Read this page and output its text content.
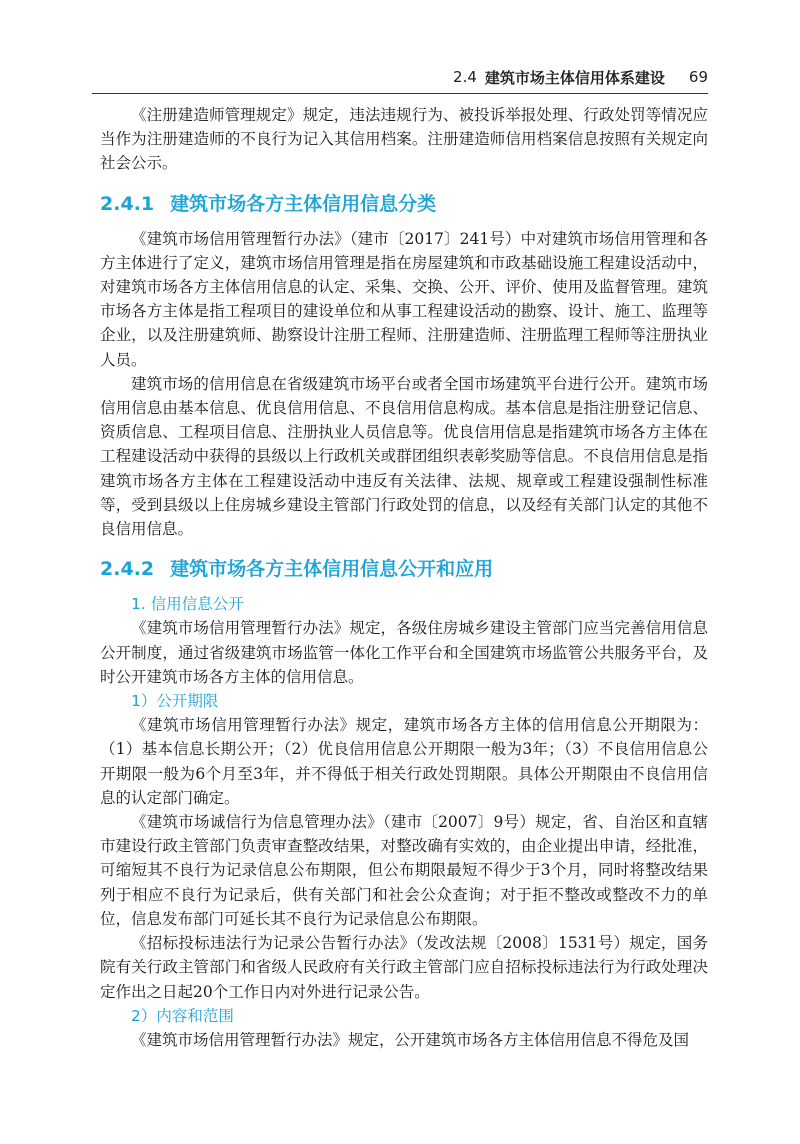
2.4 建筑市场主体信用体系建设 69

《注册建造师管理规定》规定，违法违规行为、被投诉举报处理、行政处罚等情况应当作为注册建造师的不良行为记入其信用档案。注册建造师信用档案信息按照有关规定向社会公示。

2.4.1 建筑市场各方主体信用信息分类

《建筑市场信用管理暂行办法》（建市〔2017〕241号）中对建筑市场信用管理和各方主体进行了定义，建筑市场信用管理是指在房屋建筑和市政基础设施工程建设活动中，对建筑市场各方主体信用信息的认定、采集、交换、公开、评价、使用及监督管理。建筑市场各方主体是指工程项目的建设单位和从事工程建设活动的勘察、设计、施工、监理等企业，以及注册建筑师、勘察设计注册工程师、注册建造师、注册监理工程师等注册执业人员。

建筑市场的信用信息在省级建筑市场平台或者全国市场建筑平台进行公开。建筑市场信用信息由基本信息、优良信用信息、不良信用信息构成。基本信息是指注册登记信息、资质信息、工程项目信息、注册执业人员信息等。优良信用信息是指建筑市场各方主体在工程建设活动中获得的县级以上行政机关或群团组织表彰奖励等信息。不良信用信息是指建筑市场各方主体在工程建设活动中违反有关法律、法规、规章或工程建设强制性标准等，受到县级以上住房城乡建设主管部门行政处罚的信息，以及经有关部门认定的其他不良信用信息。

2.4.2 建筑市场各方主体信用信息公开和应用
1. 信用信息公开

《建筑市场信用管理暂行办法》规定，各级住房城乡建设主管部门应当完善信用信息公开制度，通过省级建筑市场监管一体化工作平台和全国建筑市场监管公共服务平台，及时公开建筑市场各方主体的信用信息。

1）公开期限

《建筑市场信用管理暂行办法》规定，建筑市场各方主体的信用信息公开期限为：（1）基本信息长期公开；（2）优良信用信息公开期限一般为3年；（3）不良信用信息公开期限一般为6个月至3年，并不得低于相关行政处罚期限。具体公开期限由不良信用信息的认定部门确定。

《建筑市场诚信行为信息管理办法》（建市〔2007〕9号）规定，省、自治区和直辖市建设行政主管部门负责审查整改结果，对整改确有实效的，由企业提出申请，经批准，可缩短其不良行为记录信息公布期限，但公布期限最短不得少于3个月，同时将整改结果列于相应不良行为记录后，供有关部门和社会公众查询；对于拒不整改或整改不力的单位，信息发布部门可延长其不良行为记录信息公布期限。

《招标投标违法行为记录公告暂行办法》（发改法规〔2008〕1531号）规定，国务院有关行政主管部门和省级人民政府有关行政主管部门应自招标投标违法行为行政处理决定作出之日起20个工作日内对外进行记录公告。

2）内容和范围

《建筑市场信用管理暂行办法》规定，公开建筑市场各方主体信用信息不得危及国
